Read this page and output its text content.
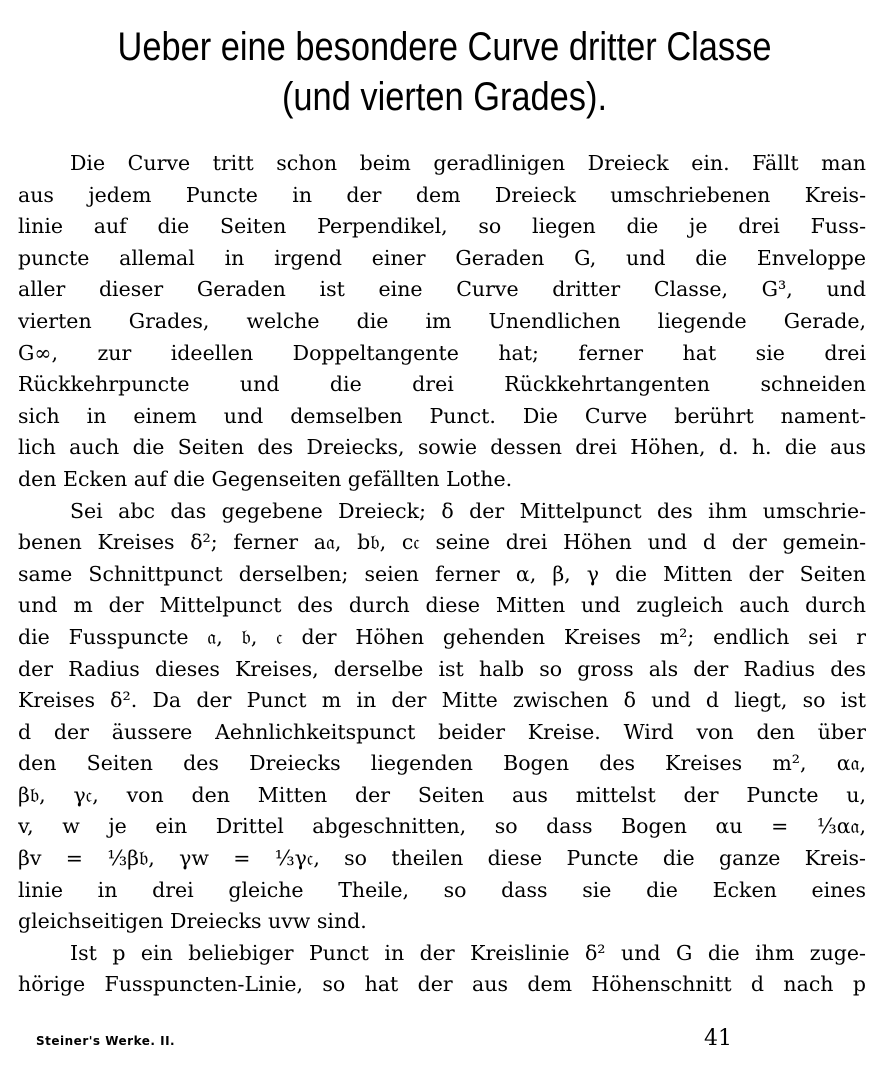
Ueber eine besondere Curve dritter Classe
(und vierten Grades).
Die Curve tritt schon beim geradlinigen Dreieck ein. Fällt man
aus jedem Puncte in der dem Dreieck umschriebenen Kreis-
linie auf die Seiten Perpendikel, so liegen die je drei Fuss-
puncte allemal in irgend einer Geraden G, und die Enveloppe
aller dieser Geraden ist eine Curve dritter Classe, G³, und
vierten Grades, welche die im Unendlichen liegende Gerade,
G∞, zur ideellen Doppeltangente hat; ferner hat sie drei
Rückkehrpuncte und die drei Rückkehrtangenten schneiden
sich in einem und demselben Punct. Die Curve berührt nament-
lich auch die Seiten des Dreiecks, sowie dessen drei Höhen, d. h. die aus
den Ecken auf die Gegenseiten gefällten Lothe.
Sei abc das gegebene Dreieck; δ der Mittelpunct des ihm umschrie-
benen Kreises δ²; ferner a𝔞, b𝔟, c𝔠 seine drei Höhen und d der gemein-
same Schnittpunct derselben; seien ferner α, β, γ die Mitten der Seiten
und m der Mittelpunct des durch diese Mitten und zugleich auch durch
die Fusspuncte 𝔞, 𝔟, 𝔠 der Höhen gehenden Kreises m²; endlich sei r
der Radius dieses Kreises, derselbe ist halb so gross als der Radius des
Kreises δ². Da der Punct m in der Mitte zwischen δ und d liegt, so ist
d der äussere Aehnlichkeitspunct beider Kreise. Wird von den über
den Seiten des Dreiecks liegenden Bogen des Kreises m², α𝔞,
β𝔟, γ𝔠, von den Mitten der Seiten aus mittelst der Puncte u,
v, w je ein Drittel abgeschnitten, so dass Bogen αu = ⅓α𝔞,
βv = ⅓β𝔟, γw = ⅓γ𝔠, so theilen diese Puncte die ganze Kreis-
linie in drei gleiche Theile, so dass sie die Ecken eines
gleichseitigen Dreiecks uvw sind.
Ist p ein beliebiger Punct in der Kreislinie δ² und G die ihm zuge-
hörige Fusspuncten-Linie, so hat der aus dem Höhenschnitt d nach p
Steiner's Werke. II.	41
